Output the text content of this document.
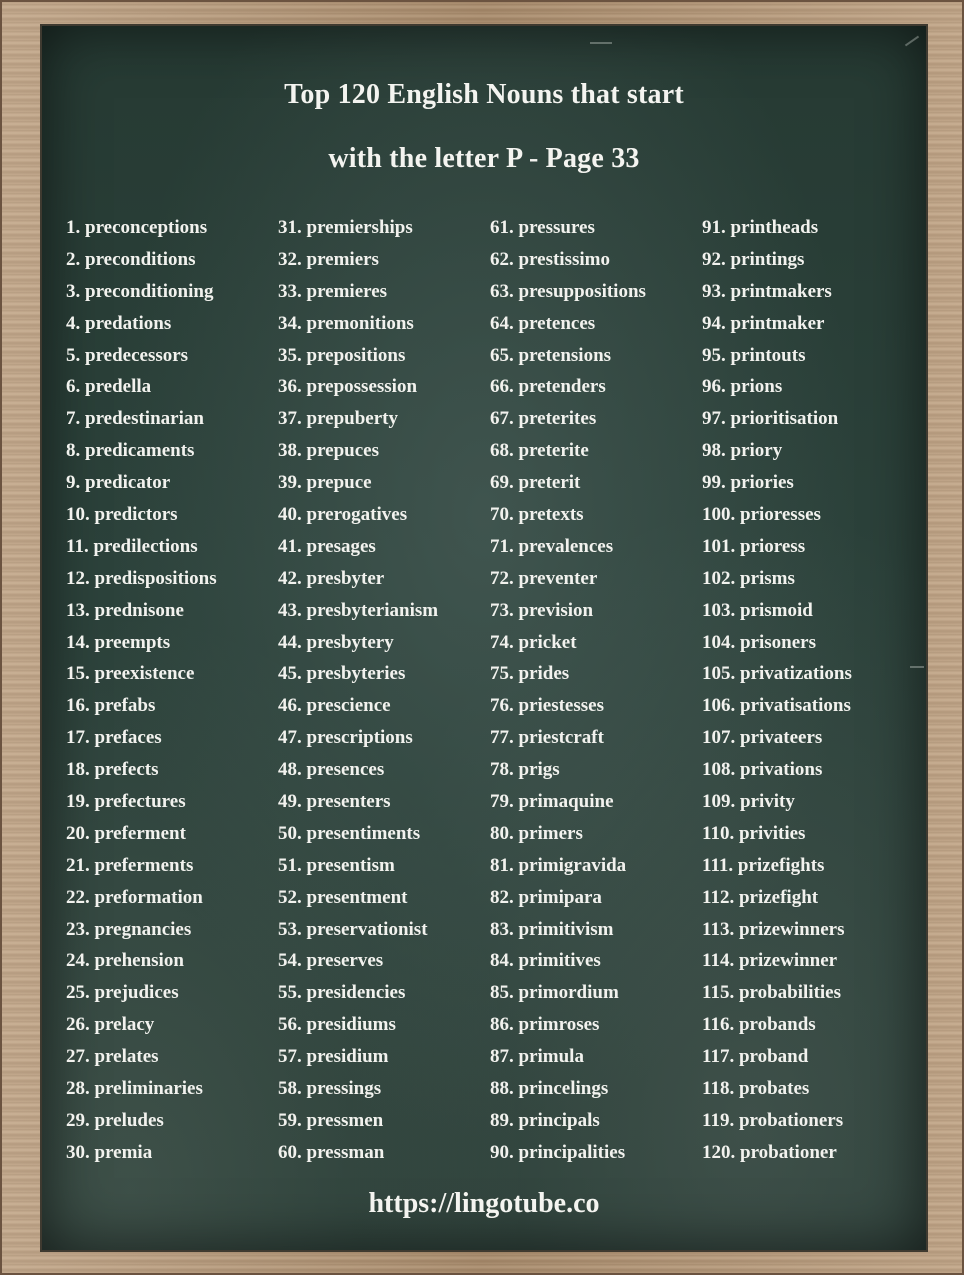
Top 120 English Nouns that start
with the letter P - Page 33
1. preconceptions
2. preconditions
3. preconditioning
4. predations
5. predecessors
6. predella
7. predestinarian
8. predicaments
9. predicator
10. predictors
11. predilections
12. predispositions
13. prednisone
14. preempts
15. preexistence
16. prefabs
17. prefaces
18. prefects
19. prefectures
20. preferment
21. preferments
22. preformation
23. pregnancies
24. prehension
25. prejudices
26. prelacy
27. prelates
28. preliminaries
29. preludes
30. premia
31. premierships
32. premiers
33. premieres
34. premonitions
35. prepositions
36. prepossession
37. prepuberty
38. prepuces
39. prepuce
40. prerogatives
41. presages
42. presbyter
43. presbyterianism
44. presbytery
45. presbyteries
46. prescience
47. prescriptions
48. presences
49. presenters
50. presentiments
51. presentism
52. presentment
53. preservationist
54. preserves
55. presidencies
56. presidiums
57. presidium
58. pressings
59. pressmen
60. pressman
61. pressures
62. prestissimo
63. presuppositions
64. pretences
65. pretensions
66. pretenders
67. preterites
68. preterite
69. preterit
70. pretexts
71. prevalences
72. preventer
73. prevision
74. pricket
75. prides
76. priestesses
77. priestcraft
78. prigs
79. primaquine
80. primers
81. primigravida
82. primipara
83. primitivism
84. primitives
85. primordium
86. primroses
87. primula
88. princelings
89. principals
90. principalities
91. printheads
92. printings
93. printmakers
94. printmaker
95. printouts
96. prions
97. prioritisation
98. priory
99. priories
100. prioresses
101. prioress
102. prisms
103. prismoid
104. prisoners
105. privatizations
106. privatisations
107. privateers
108. privations
109. privity
110. privities
111. prizefights
112. prizefight
113. prizewinners
114. prizewinner
115. probabilities
116. probands
117. proband
118. probates
119. probationers
120. probationer
https://lingotube.co
